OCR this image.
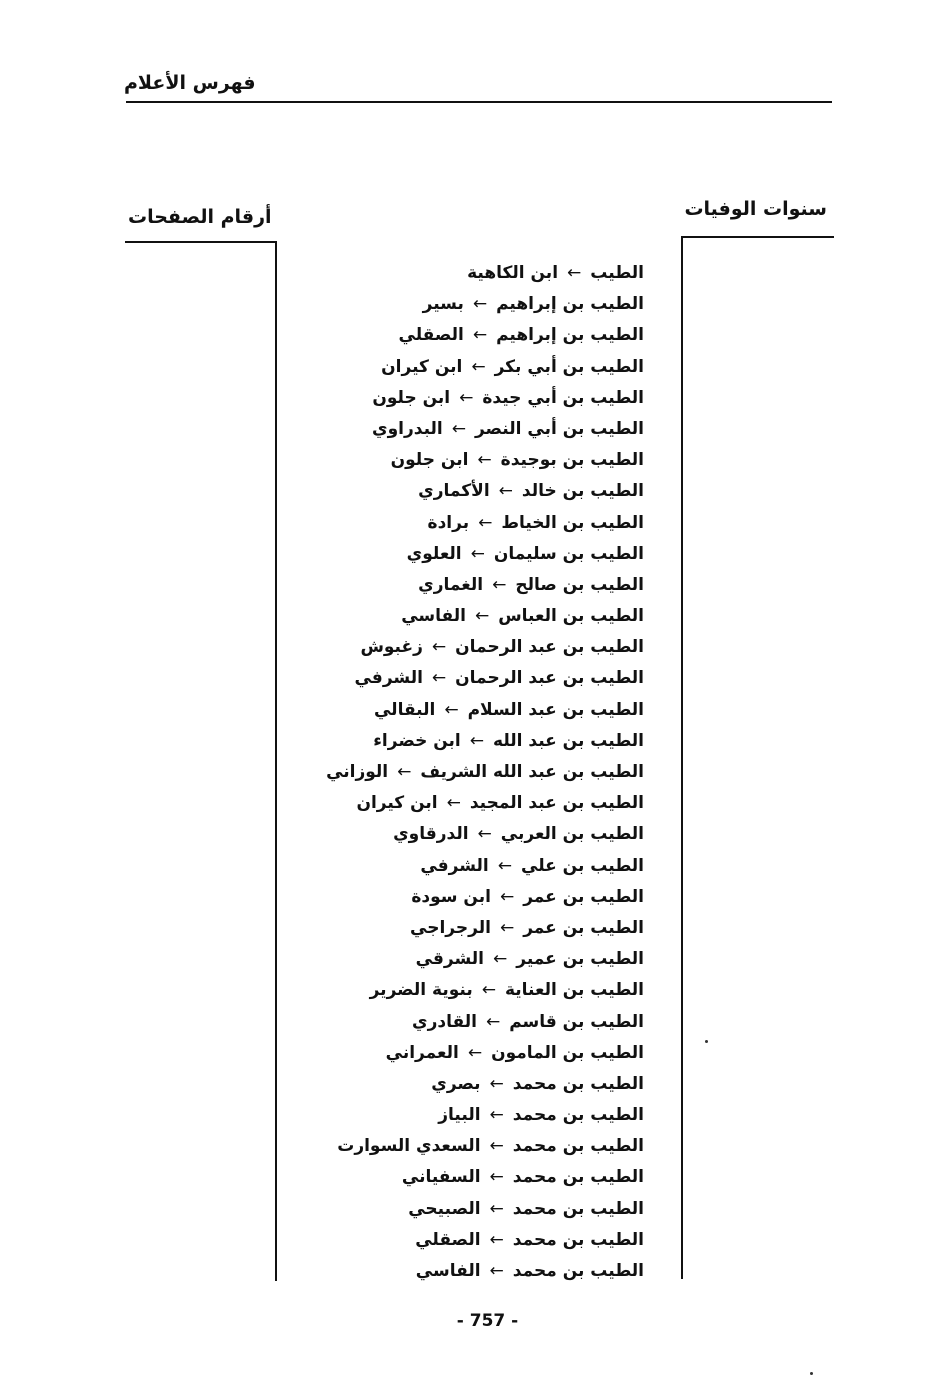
فهرس الأعلام
سنوات الوفيات
أرقام الصفحات
الطيب←ابن الكاهية
الطيب بن إبراهيم←بسير
الطيب بن إبراهيم←الصقلي
الطيب بن أبي بكر←ابن كيران
الطيب بن أبي جيدة←ابن جلون
الطيب بن أبي النصر←البدراوي
الطيب بن بوجيدة←ابن جلون
الطيب بن خالد←الأكماري
الطيب بن الخياط←برادة
الطيب بن سليمان←العلوي
الطيب بن صالح←الغماري
الطيب بن العباس←الفاسي
الطيب بن عبد الرحمان←زغبوش
الطيب بن عبد الرحمان←الشرفي
الطيب بن عبد السلام←البقالي
الطيب بن عبد الله←ابن خضراء
الطيب بن عبد الله الشريف←الوزاني
الطيب بن عبد المجيد←ابن كيران
الطيب بن العربي←الدرقاوي
الطيب بن علي←الشرفي
الطيب بن عمر←ابن سودة
الطيب بن عمر←الرجراجي
الطيب بن عمير←الشرقي
الطيب بن العناية←بنوية الضرير
الطيب بن قاسم←القادري
الطيب بن المامون←العمراني
الطيب بن محمد←بصري
الطيب بن محمد←البياز
الطيب بن محمد←السعدي السوارت
الطيب بن محمد←السفياني
الطيب بن محمد←الصبيحي
الطيب بن محمد←الصقلي
الطيب بن محمد←الفاسي
- 757 -
